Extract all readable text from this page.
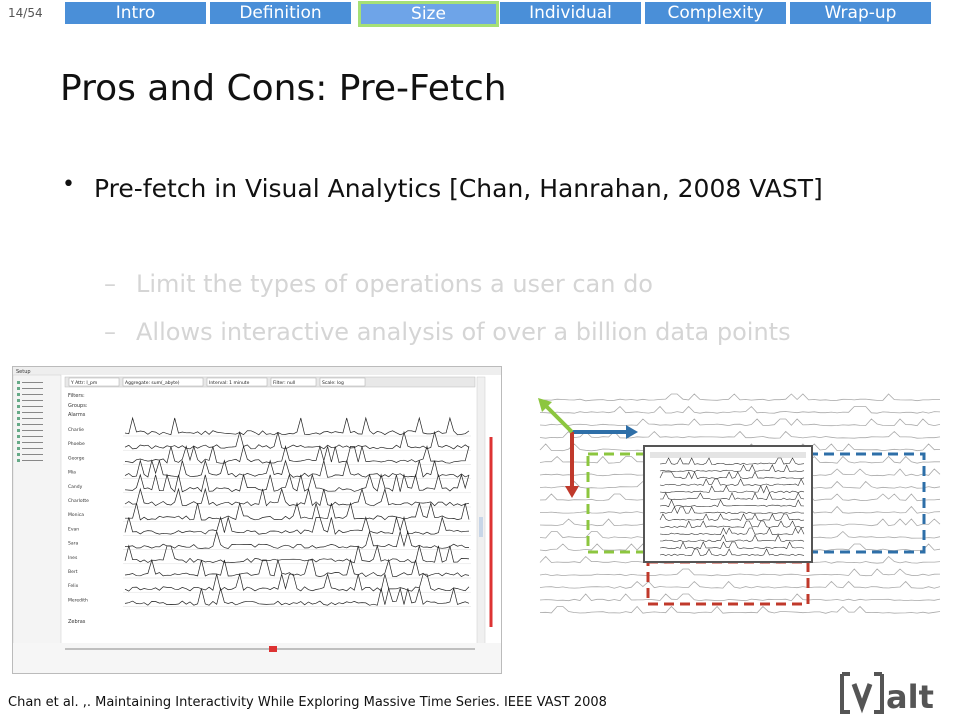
14/54	Intro	Definition	Size	Individual	Complexity	Wrap-up
Pros and Cons: Pre-Fetch
• Pre-fetch in Visual Analytics [Chan, Hanrahan, 2008 VAST]
– Limit the types of operations a user can do
– Allows interactive analysis of over a billion data points
Setup
Y Attr: I_pm	Aggregate: sum(_abyte)	Interval: 1 minute	Filter: null	Scale: log
Filters:
Groups:
Alarms
Charlie
Phoebe
George
Mia
Candy
Charlotte
Monica
Evan
Sara
Ines
Bert
Felix
Meredith
Zebras
Chan et al. ,. Maintaining Interactivity While Exploring Massive Time Series. IEEE VAST 2008	alt
